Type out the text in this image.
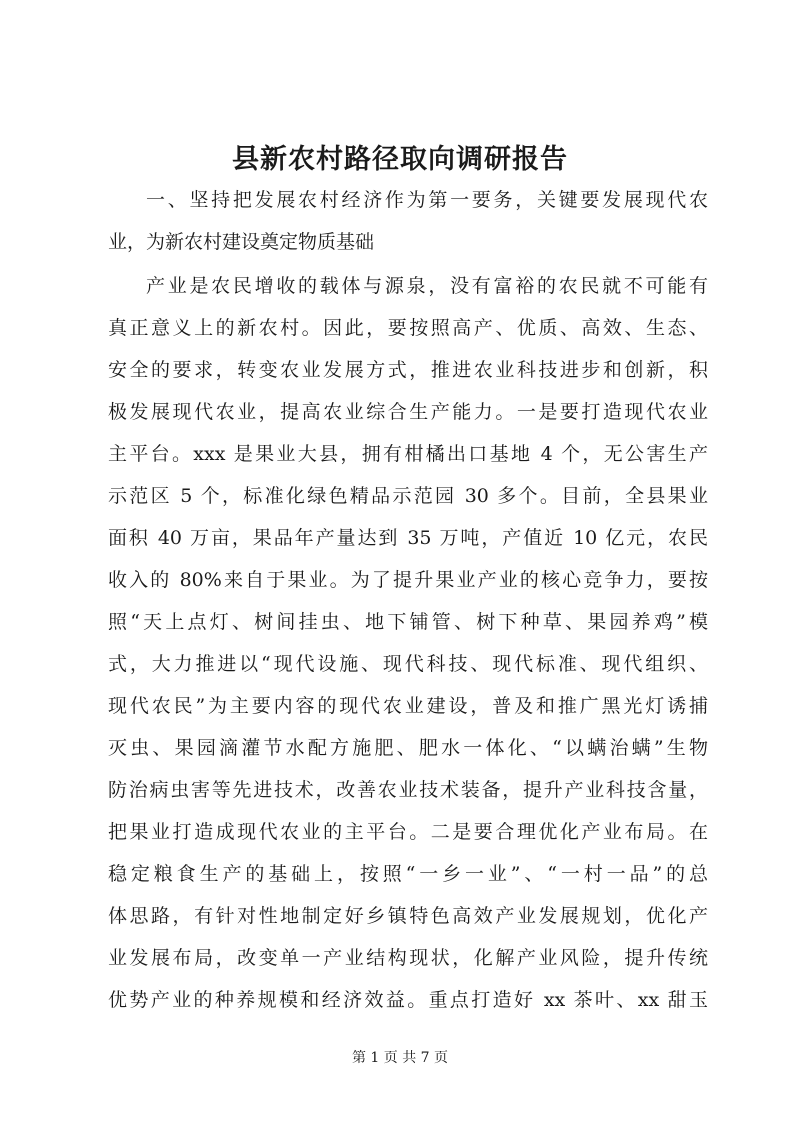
县新农村路径取向调研报告
一、坚持把发展农村经济作为第一要务，关键要发展现代农
业，为新农村建设奠定物质基础
产业是农民增收的载体与源泉，没有富裕的农民就不可能有
真正意义上的新农村。因此，要按照高产、优质、高效、生态、
安全的要求，转变农业发展方式，推进农业科技进步和创新，积
极发展现代农业，提高农业综合生产能力。一是要打造现代农业
主平台。xxx 是果业大县，拥有柑橘出口基地 4 个，无公害生产
示范区 5 个，标准化绿色精品示范园 30 多个。目前，全县果业
面积 40 万亩，果品年产量达到 35 万吨，产值近 10 亿元，农民
收入的 80%来自于果业。为了提升果业产业的核心竞争力，要按
照“天上点灯、树间挂虫、地下铺管、树下种草、果园养鸡”模
式，大力推进以“现代设施、现代科技、现代标准、现代组织、
现代农民”为主要内容的现代农业建设，普及和推广黑光灯诱捕
灭虫、果园滴灌节水配方施肥、肥水一体化、“以螨治螨”生物
防治病虫害等先进技术，改善农业技术装备，提升产业科技含量，
把果业打造成现代农业的主平台。二是要合理优化产业布局。在
稳定粮食生产的基础上，按照“一乡一业”、“一村一品”的总
体思路，有针对性地制定好乡镇特色高效产业发展规划，优化产
业发展布局，改变单一产业结构现状，化解产业风险，提升传统
优势产业的种养规模和经济效益。重点打造好 xx 茶叶、xx 甜玉
第 1 页 共 7 页
